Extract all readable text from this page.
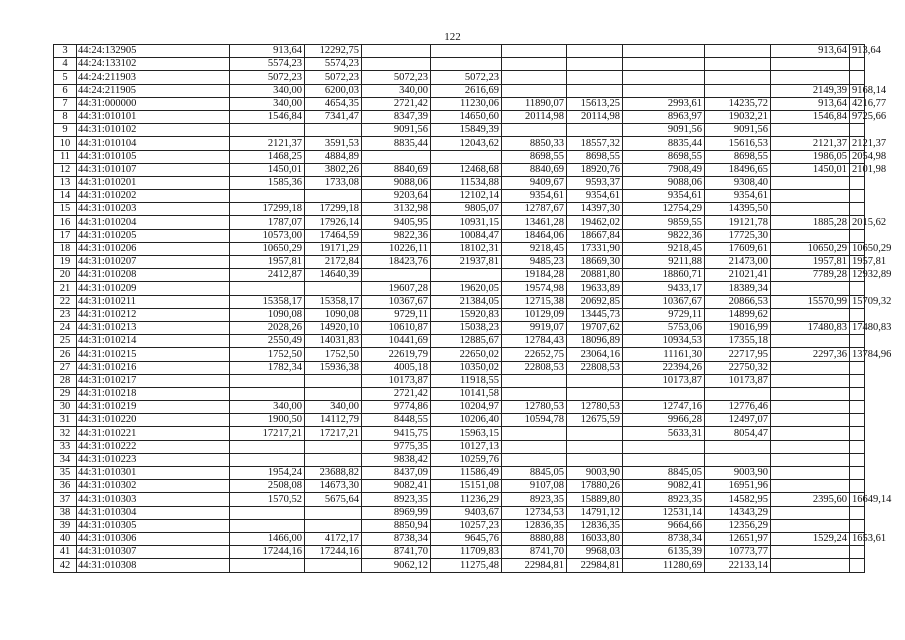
122
3	44:24:132905	913,64	12292,75							913,64	913,64
4	44:24:133102	5574,23	5574,23								
5	44:24:211903	5072,23	5072,23	5072,23	5072,23						
6	44:24:211905	340,00	6200,03	340,00	2616,69					2149,39	9168,14
7	44:31:000000	340,00	4654,35	2721,42	11230,06	11890,07	15613,25	2993,61	14235,72	913,64	4216,77
8	44:31:010101	1546,84	7341,47	8347,39	14650,60	20114,98	20114,98	8963,97	19032,21	1546,84	9725,66
9	44:31:010102			9091,56	15849,39			9091,56	9091,56		
10	44:31:010104	2121,37	3591,53	8835,44	12043,62	8850,33	18557,32	8835,44	15616,53	2121,37	2121,37
11	44:31:010105	1468,25	4884,89			8698,55	8698,55	8698,55	8698,55	1986,05	2054,98
12	44:31:010107	1450,01	3802,26	8840,69	12468,68	8840,69	18920,76	7908,49	18496,65	1450,01	2101,98
13	44:31:010201	1585,36	1733,08	9088,06	11534,88	9409,67	9593,37	9088,06	9308,40		
14	44:31:010202			9203,64	12102,14	9354,61	9354,61	9354,61	9354,61		
15	44:31:010203	17299,18	17299,18	3132,98	9805,07	12787,67	14397,30	12754,29	14395,50		
16	44:31:010204	1787,07	17926,14	9405,95	10931,15	13461,28	19462,02	9859,55	19121,78	1885,28	2015,62
17	44:31:010205	10573,00	17464,59	9822,36	10084,47	18464,06	18667,84	9822,36	17725,30		
18	44:31:010206	10650,29	19171,29	10226,11	18102,31	9218,45	17331,90	9218,45	17609,61	10650,29	10650,29
19	44:31:010207	1957,81	2172,84	18423,76	21937,81	9485,23	18669,30	9211,88	21473,00	1957,81	1957,81
20	44:31:010208	2412,87	14640,39			19184,28	20881,80	18860,71	21021,41	7789,28	12932,89
21	44:31:010209			19607,28	19620,05	19574,98	19633,89	9433,17	18389,34		
22	44:31:010211	15358,17	15358,17	10367,67	21384,05	12715,38	20692,85	10367,67	20866,53	15570,99	15709,32
23	44:31:010212	1090,08	1090,08	9729,11	15920,83	10129,09	13445,73	9729,11	14899,62		
24	44:31:010213	2028,26	14920,10	10610,87	15038,23	9919,07	19707,62	5753,06	19016,99	17480,83	17480,83
25	44:31:010214	2550,49	14031,83	10441,69	12885,67	12784,43	18096,89	10934,53	17355,18		
26	44:31:010215	1752,50	1752,50	22619,79	22650,02	22652,75	23064,16	11161,30	22717,95	2297,36	13784,96
27	44:31:010216	1782,34	15936,38	4005,18	10350,02	22808,53	22808,53	22394,26	22750,32		
28	44:31:010217			10173,87	11918,55			10173,87	10173,87		
29	44:31:010218			2721,42	10141,58						
30	44:31:010219	340,00	340,00	9774,86	10204,97	12780,53	12780,53	12747,16	12776,46		
31	44:31:010220	1900,50	14112,79	8448,55	10206,40	10594,78	12675,59	9966,28	12497,07		
32	44:31:010221	17217,21	17217,21	9415,75	15963,15			5633,31	8054,47		
33	44:31:010222			9775,35	10127,13						
34	44:31:010223			9838,42	10259,76						
35	44:31:010301	1954,24	23688,82	8437,09	11586,49	8845,05	9003,90	8845,05	9003,90		
36	44:31:010302	2508,08	14673,30	9082,41	15151,08	9107,08	17880,26	9082,41	16951,96		
37	44:31:010303	1570,52	5675,64	8923,35	11236,29	8923,35	15889,80	8923,35	14582,95	2395,60	16649,14
38	44:31:010304			8969,99	9403,67	12734,53	14791,12	12531,14	14343,29		
39	44:31:010305			8850,94	10257,23	12836,35	12836,35	9664,66	12356,29		
40	44:31:010306	1466,00	4172,17	8738,34	9645,76	8880,88	16033,80	8738,34	12651,97	1529,24	1653,61
41	44:31:010307	17244,16	17244,16	8741,70	11709,83	8741,70	9968,03	6135,39	10773,77		
42	44:31:010308			9062,12	11275,48	22984,81	22984,81	11280,69	22133,14		
